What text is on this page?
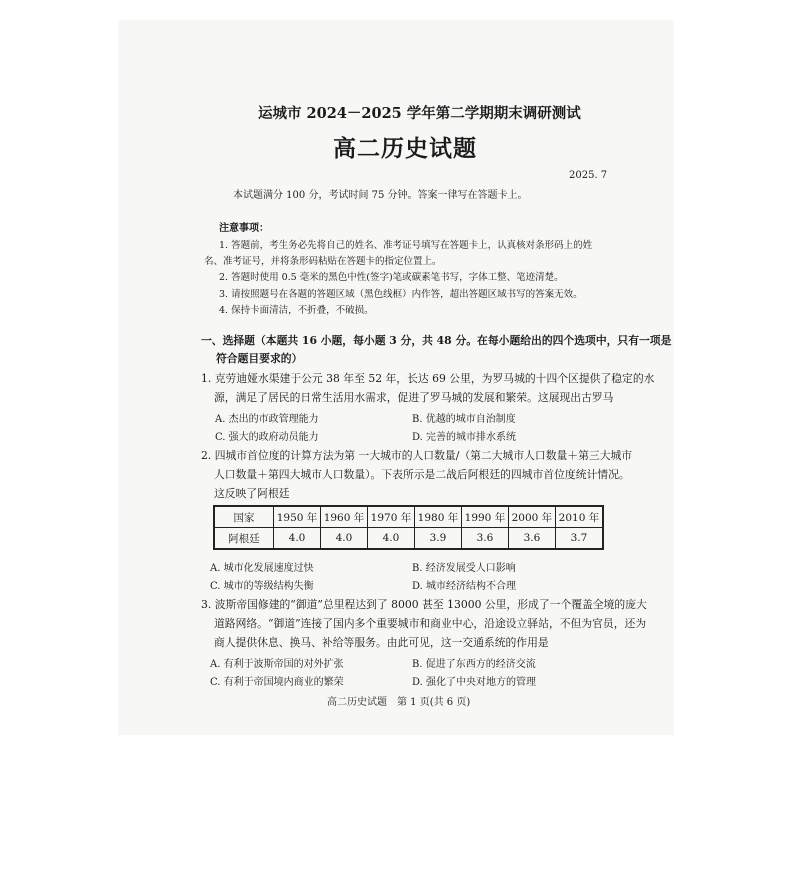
运城市 2024－2025 学年第二学期期末调研测试
高二历史试题
2025. 7
本试题满分 100 分，考试时间 75 分钟。答案一律写在答题卡上。
注意事项：
1. 答题前，考生务必先将自己的姓名、准考证号填写在答题卡上，认真核对条形码上的姓
名、准考证号，并将条形码粘贴在答题卡的指定位置上。
2. 答题时使用 0.5 毫米的黑色中性(签字)笔或碳素笔书写，字体工整、笔迹清楚。
3. 请按照题号在各题的答题区域（黑色线框）内作答，超出答题区域书写的答案无效。
4. 保持卡面清洁，不折叠，不破损。
一、选择题（本题共 16 小题，每小题 3 分，共 48 分。在每小题给出的四个选项中，只有一项是
符合题目要求的）
1. 克劳迪娅水渠建于公元 38 年至 52 年，长达 69 公里，为罗马城的十四个区提供了稳定的水
源，满足了居民的日常生活用水需求，促进了罗马城的发展和繁荣。这展现出古罗马
A. 杰出的市政管理能力	B. 优越的城市自治制度
C. 强大的政府动员能力	D. 完善的城市排水系统
2. 四城市首位度的计算方法为第 一大城市的人口数量/（第二大城市人口数量＋第三大城市
人口数量＋第四大城市人口数量）。下表所示是二战后阿根廷的四城市首位度统计情况。
这反映了阿根廷
国家	1950 年	1960 年	1970 年	1980 年	1990 年	2000 年	2010 年
阿根廷	4.0	4.0	4.0	3.9	3.6	3.6	3.7
A. 城市化发展速度过快	B. 经济发展受人口影响
C. 城市的等级结构失衡	D. 城市经济结构不合理
3. 波斯帝国修建的“御道”总里程达到了 8000 甚至 13000 公里，形成了一个覆盖全境的庞大
道路网络。“御道”连接了国内多个重要城市和商业中心，沿途设立驿站，不但为官员，还为
商人提供休息、换马、补给等服务。由此可见，这一交通系统的作用是
A. 有利于波斯帝国的对外扩张	B. 促进了东西方的经济交流
C. 有利于帝国境内商业的繁荣	D. 强化了中央对地方的管理
高二历史试题　第 1 页(共 6 页)
